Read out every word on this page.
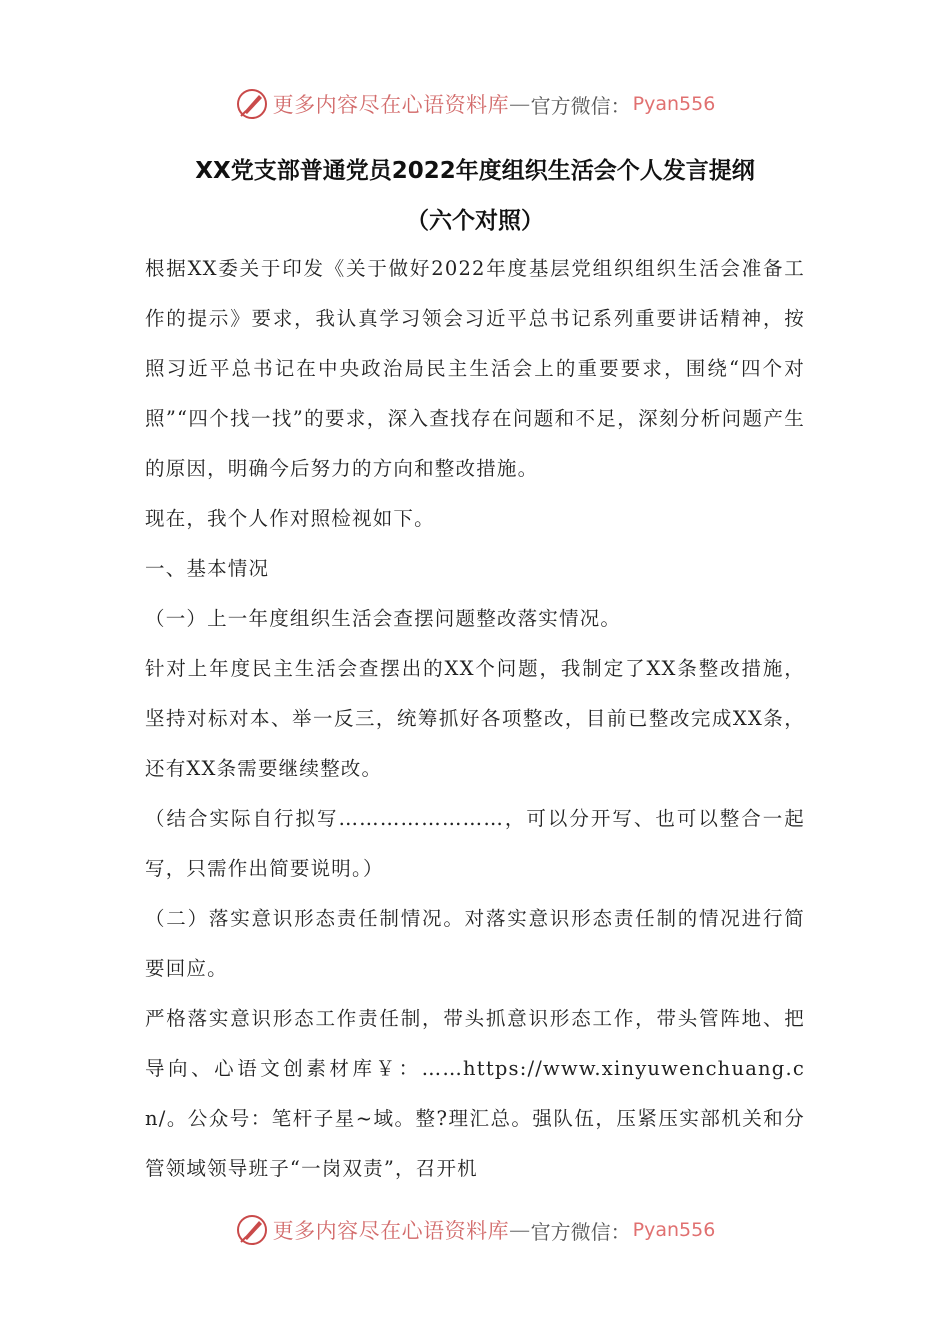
更多内容尽在心语资料库 — 官方微信： Pyan556
XX党支部普通党员2022年度组织生活会个人发言提纲
（六个对照）
根据XX委关于印发《关于做好2022年度基层党组织组织生活会准备工作的提示》要求，我认真学习领会习近平总书记系列重要讲话精神，按照习近平总书记在中央政治局民主生活会上的重要要求，围绕“四个对照”“四个找一找”的要求，深入查找存在问题和不足，深刻分析问题产生的原因，明确今后努力的方向和整改措施。
现在，我个人作对照检视如下。
一、基本情况
（一）上一年度组织生活会查摆问题整改落实情况。
针对上年度民主生活会查摆出的XX个问题，我制定了XX条整改措施，坚持对标对本、举一反三，统筹抓好各项整改，目前已整改完成XX条，还有XX条需要继续整改。
（结合实际自行拟写……………………，可以分开写、也可以整合一起写，只需作出简要说明。）
（二）落实意识形态责任制情况。对落实意识形态责任制的情况进行简要回应。
严格落实意识形态工作责任制，带头抓意识形态工作，带头管阵地、把导向、心语文创素材库￥：……https://www.xinyuwenchuang.cn/。公众号：笔杆子星~域。整?理汇总。强队伍，压紧压实部机关和分管领域领导班子“一岗双责”，召开机
更多内容尽在心语资料库 — 官方微信： Pyan556
